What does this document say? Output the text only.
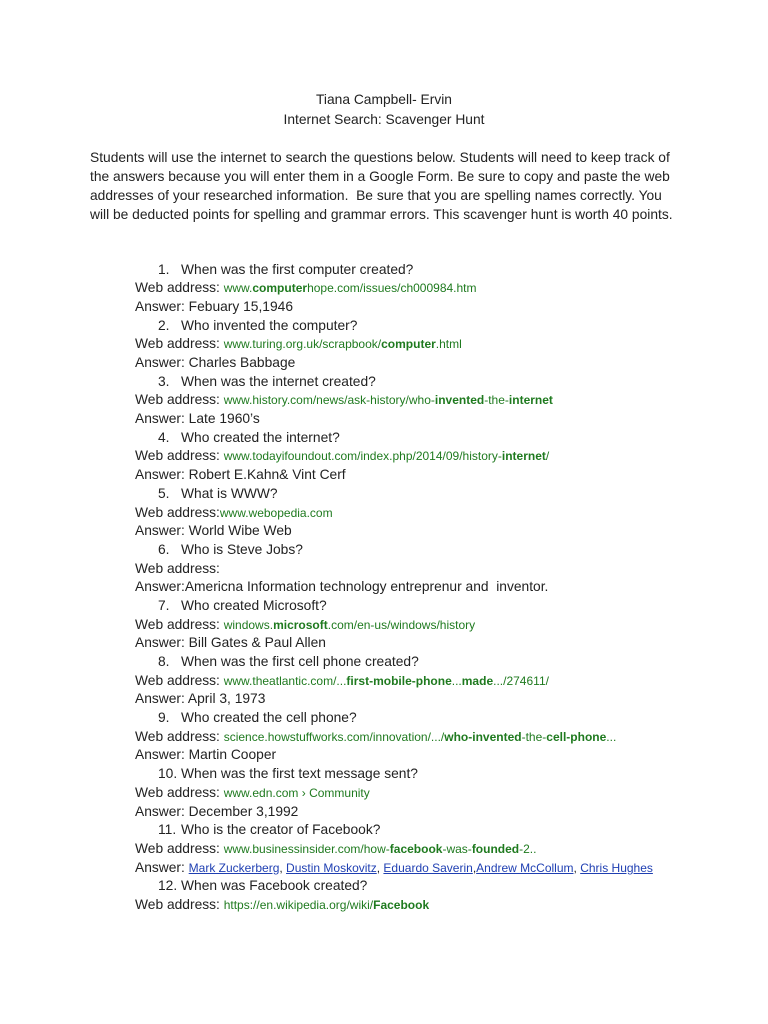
Tiana Campbell- Ervin
Internet Search: Scavenger Hunt
Students will use the internet to search the questions below. Students will need to keep track of
the answers because you will enter them in a Google Form. Be sure to copy and paste the web
addresses of your researched information.  Be sure that you are spelling names correctly. You
will be deducted points for spelling and grammar errors. This scavenger hunt is worth 40 points.
1. When was the first computer created?
Web address: www.computerhope.com/issues/ch000984.htm
Answer: Febuary 15,1946
2. Who invented the computer?
Web address: www.turing.org.uk/scrapbook/computer.html
Answer: Charles Babbage
3. When was the internet created?
Web address: www.history.com/news/ask-history/who-invented-the-internet
Answer: Late 1960’s
4. Who created the internet?
Web address: www.todayifoundout.com/index.php/2014/09/history-internet/
Answer: Robert E.Kahn& Vint Cerf
5. What is WWW?
Web address:www.webopedia.com
Answer: World Wibe Web
6. Who is Steve Jobs?
Web address:
Answer:Americna Information technology entreprenur and  inventor.
7. Who created Microsoft?
Web address: windows.microsoft.com/en-us/windows/history
Answer: Bill Gates & Paul Allen
8. When was the first cell phone created?
Web address: www.theatlantic.com/...first-mobile-phone...made.../274611/
Answer: April 3, 1973
9. Who created the cell phone?
Web address: science.howstuffworks.com/innovation/.../who-invented-the-cell-phone...
Answer: Martin Cooper
10. When was the first text message sent?
Web address: www.edn.com › Community
Answer: December 3,1992
11. Who is the creator of Facebook?
Web address: www.businessinsider.com/how-facebook-was-founded-2..
Answer: Mark Zuckerberg, Dustin Moskovitz, Eduardo Saverin,Andrew McCollum, Chris Hughes
12. When was Facebook created?
Web address: https://en.wikipedia.org/wiki/Facebook
